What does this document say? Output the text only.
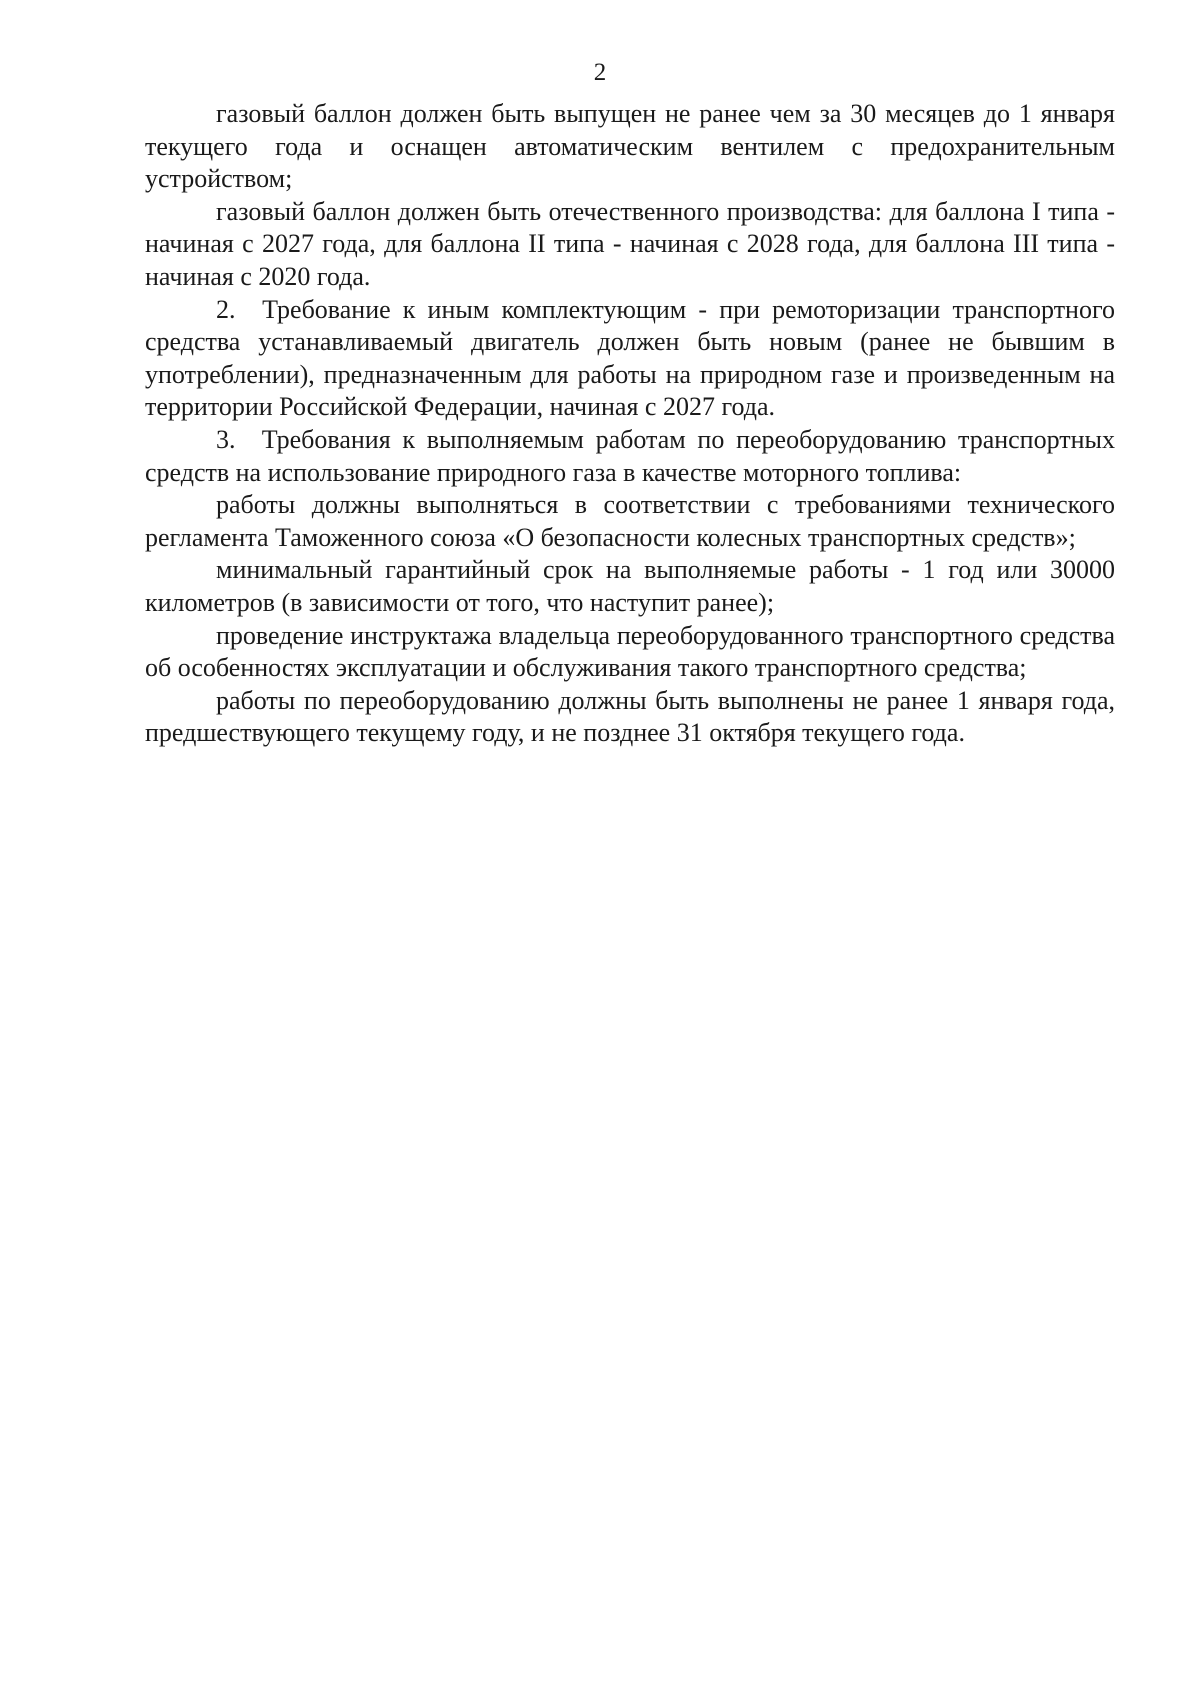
2

газовый баллон должен быть выпущен не ранее чем за 30 месяцев до 1 января текущего года и оснащен автоматическим вентилем с предохранительным устройством;

газовый баллон должен быть отечественного производства: для баллона I типа - начиная с 2027 года, для баллона II типа - начиная с 2028 года, для баллона III типа - начиная с 2020 года.

2. Требование к иным комплектующим - при ремоторизации транспортного средства устанавливаемый двигатель должен быть новым (ранее не бывшим в употреблении), предназначенным для работы на природном газе и произведенным на территории Российской Федерации, начиная с 2027 года.

3. Требования к выполняемым работам по переоборудованию транспортных средств на использование природного газа в качестве моторного топлива:

работы должны выполняться в соответствии с требованиями технического регламента Таможенного союза «О безопасности колесных транспортных средств»;

минимальный гарантийный срок на выполняемые работы - 1 год или 30000 километров (в зависимости от того, что наступит ранее);

проведение инструктажа владельца переоборудованного транспортного средства об особенностях эксплуатации и обслуживания такого транспортного средства;

работы по переоборудованию должны быть выполнены не ранее 1 января года, предшествующего текущему году, и не позднее 31 октября текущего года.
